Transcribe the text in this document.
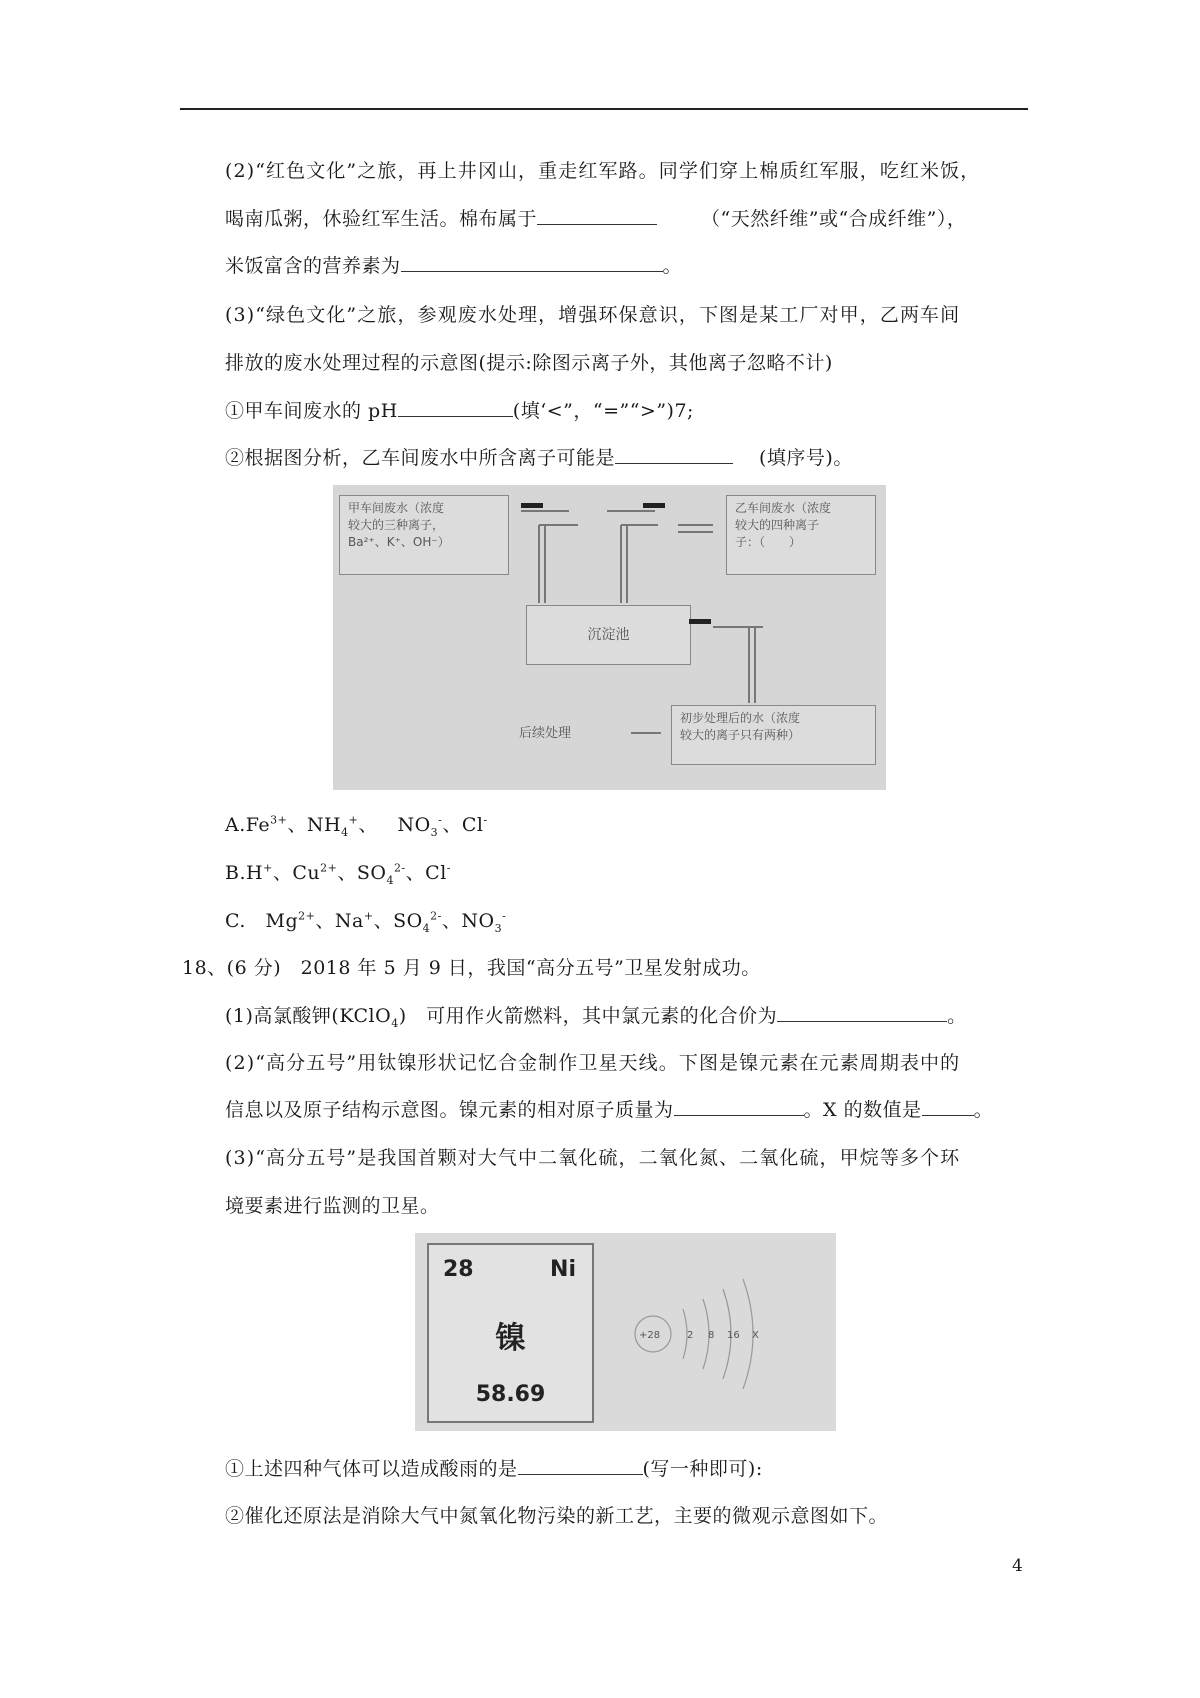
(2)“红色文化”之旅，再上井冈山，重走红军路。同学们穿上棉质红军服，吃红米饭，
喝南瓜粥，休验红军生活。棉布属于	（“天然纤维”或“合成纤维”），
米饭富含的营养素为	。
(3)“绿色文化”之旅，参观废水处理，增强环保意识，下图是某工厂对甲，乙两车间
排放的废水处理过程的示意图(提示:除图示离子外，其他离子忽略不计)
①甲车间废水的 pH	(填‘<”，“=”“>”)7;
②根据图分析，乙车间废水中所含离子可能是	(填序号)。
甲车间废水（浓度
较大的三种离子，
Ba²⁺、K⁺、OH⁻）
乙车间废水（浓度
较大的四种离子
子：（　　）
沉淀池
初步处理后的水（浓度
较大的离子只有两种）
后续处理
$A.Fe^{3+}$、$NH_4^+$、 $NO_3^-$、Cl-
B.H+、$Cu^{2+}$、$SO_4^{2-}$、Cl-
C. $Mg^{2+}$、Na+、$SO_4^{2-}$、$NO_3^-$
18、(6 分)　2018 年 5 月 9 日，我国“高分五号”卫星发射成功。
(1)高氯酸钾(KClO$_4$)　可用作火箭燃料，其中氯元素的化合价为	。
(2)“高分五号”用钛镍形状记忆合金制作卫星天线。下图是镍元素在元素周期表中的
信息以及原子结构示意图。镍元素的相对原子质量为	。X 的数值是	。
(3)“高分五号”是我国首颗对大气中二氧化硫，二氧化氮、二氧化硫，甲烷等多个环
境要素进行监测的卫星。
28	Ni
镍
58.69
+28	2 8 16 X
①上述四种气体可以造成酸雨的是	(写一种即可):
②催化还原法是消除大气中氮氧化物污染的新工艺，主要的微观示意图如下。
4
